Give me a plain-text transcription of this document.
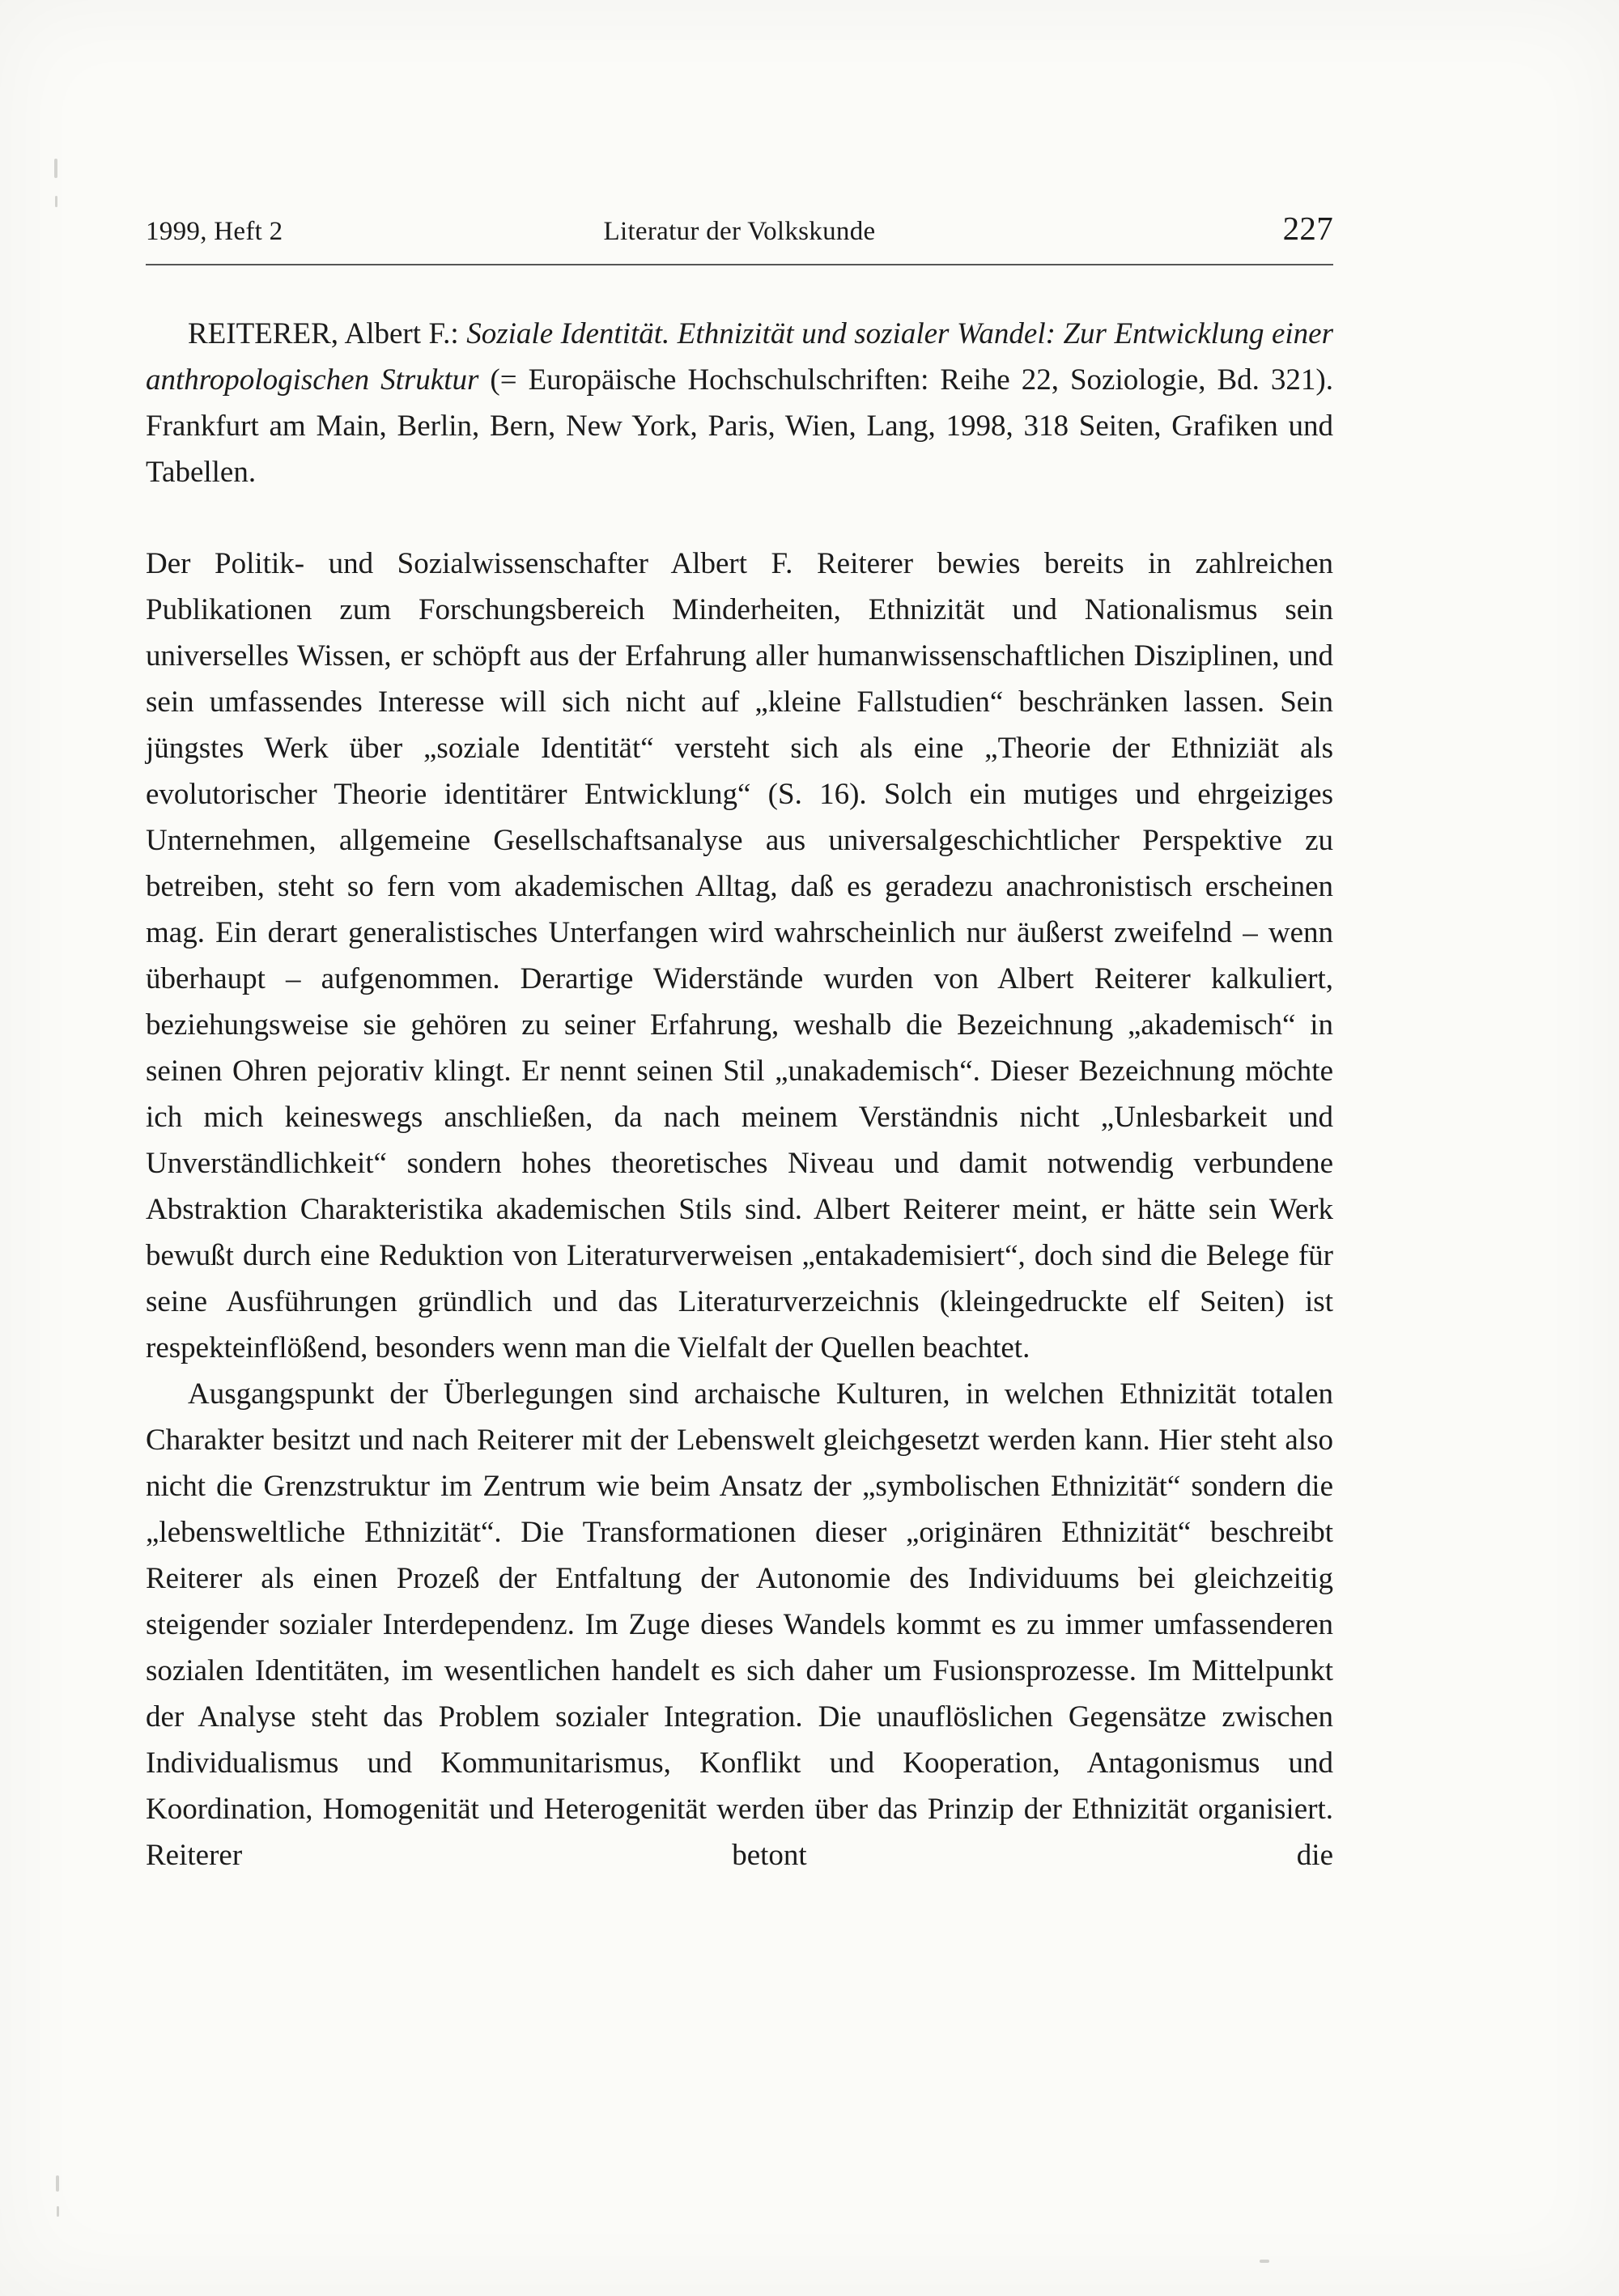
1999, Heft 2	Literatur der Volkskunde	227

REITERER, Albert F.: Soziale Identität. Ethnizität und sozialer Wandel: Zur Entwicklung einer anthropologischen Struktur (= Europäische Hochschulschriften: Reihe 22, Soziologie, Bd. 321). Frankfurt am Main, Berlin, Bern, New York, Paris, Wien, Lang, 1998, 318 Seiten, Grafiken und Tabellen.

Der Politik- und Sozialwissenschafter Albert F. Reiterer bewies bereits in zahlreichen Publikationen zum Forschungsbereich Minderheiten, Ethnizität und Nationalismus sein universelles Wissen, er schöpft aus der Erfahrung aller humanwissenschaftlichen Disziplinen, und sein umfassendes Interesse will sich nicht auf „kleine Fallstudien“ beschränken lassen. Sein jüngstes Werk über „soziale Identität“ versteht sich als eine „Theorie der Ethniziät als evolutorischer Theorie identitärer Entwicklung“ (S. 16). Solch ein mutiges und ehrgeiziges Unternehmen, allgemeine Gesellschaftsanalyse aus universalgeschichtlicher Perspektive zu betreiben, steht so fern vom akademischen Alltag, daß es geradezu anachronistisch erscheinen mag. Ein derart generalistisches Unterfangen wird wahrscheinlich nur äußerst zweifelnd – wenn überhaupt – aufgenommen. Derartige Widerstände wurden von Albert Reiterer kalkuliert, beziehungsweise sie gehören zu seiner Erfahrung, weshalb die Bezeichnung „akademisch“ in seinen Ohren pejorativ klingt. Er nennt seinen Stil „unakademisch“. Dieser Bezeichnung möchte ich mich keineswegs anschließen, da nach meinem Verständnis nicht „Unlesbarkeit und Unverständlichkeit“ sondern hohes theoretisches Niveau und damit notwendig verbundene Abstraktion Charakteristika akademischen Stils sind. Albert Reiterer meint, er hätte sein Werk bewußt durch eine Reduktion von Literaturverweisen „entakademisiert“, doch sind die Belege für seine Ausführungen gründlich und das Literaturverzeichnis (kleingedruckte elf Seiten) ist respekteinflößend, besonders wenn man die Vielfalt der Quellen beachtet.

Ausgangspunkt der Überlegungen sind archaische Kulturen, in welchen Ethnizität totalen Charakter besitzt und nach Reiterer mit der Lebenswelt gleichgesetzt werden kann. Hier steht also nicht die Grenzstruktur im Zentrum wie beim Ansatz der „symbolischen Ethnizität“ sondern die „lebensweltliche Ethnizität“. Die Transformationen dieser „originären Ethnizität“ beschreibt Reiterer als einen Prozeß der Entfaltung der Autonomie des Individuums bei gleichzeitig steigender sozialer Interdependenz. Im Zuge dieses Wandels kommt es zu immer umfassenderen sozialen Identitäten, im wesentlichen handelt es sich daher um Fusionsprozesse. Im Mittelpunkt der Analyse steht das Problem sozialer Integration. Die unauflöslichen Gegensätze zwischen Individualismus und Kommunitarismus, Konflikt und Kooperation, Antagonismus und Koordination, Homogenität und Heterogenität werden über das Prinzip der Ethnizität organisiert. Reiterer betont die
